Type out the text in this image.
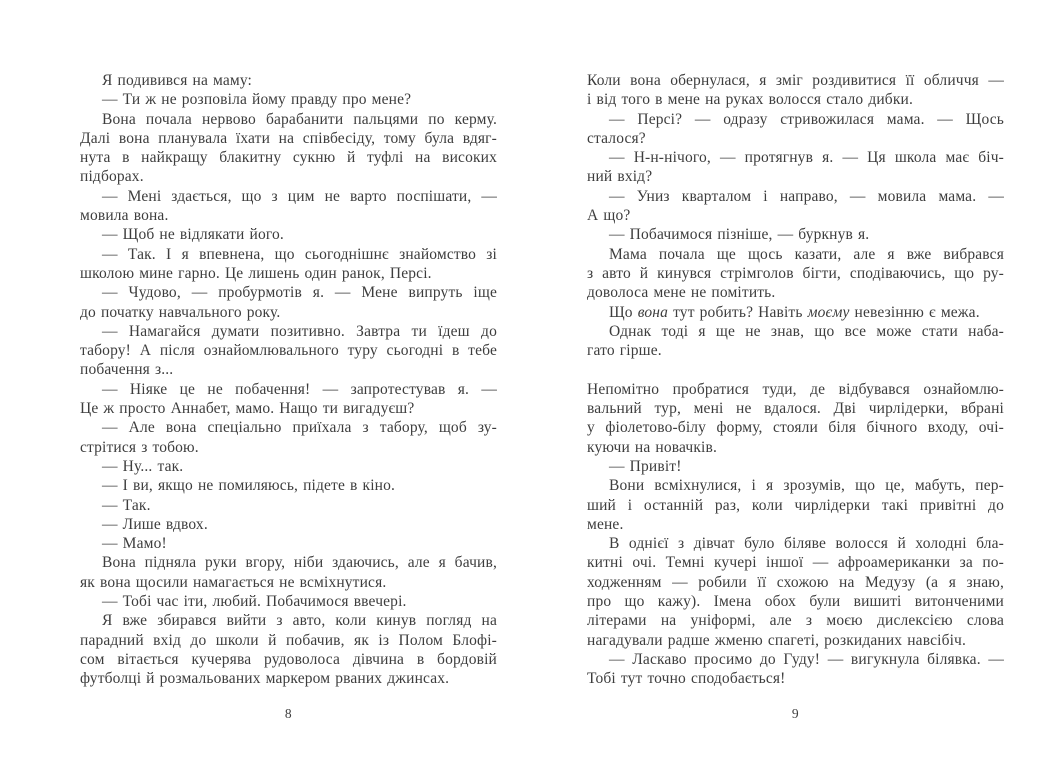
Я подивився на маму:
— Ти ж не розповіла йому правду про мене?
Вона почала нервово барабанити пальцями по керму.
Далі вона планувала їхати на співбесіду, тому була вдяг-
нута в найкращу блакитну сукню й туфлі на високих
підборах.
— Мені здається, що з цим не варто поспішати, —
мовила вона.
— Щоб не відлякати його.
— Так. І я впевнена, що сьогоднішнє знайомство зі
школою мине гарно. Це лишень один ранок, Персі.
— Чудово, — пробурмотів я. — Мене випруть іще
до початку навчального року.
— Намагайся думати позитивно. Завтра ти їдеш до
табору! А після ознайомлювального туру сьогодні в тебе
побачення з...
— Ніяке це не побачення! — запротестував я. —
Це ж просто Аннабет, мамо. Нащо ти вигадуєш?
— Але вона спеціально приїхала з табору, щоб зу-
стрітися з тобою.
— Ну... так.
— І ви, якщо не помиляюсь, підете в кіно.
— Так.
— Лише вдвох.
— Мамо!
Вона підняла руки вгору, ніби здаючись, але я бачив,
як вона щосили намагається не всміхнутися.
— Тобі час іти, любий. Побачимося ввечері.
Я вже збирався вийти з авто, коли кинув погляд на
парадний вхід до школи й побачив, як із Полом Блофі-
сом вітається кучерява рудоволоса дівчина в бордовій
футболці й розмальованих маркером рваних джинсах.
8
Коли вона обернулася, я зміг роздивитися її обличчя —
і від того в мене на руках волосся стало дибки.
— Персі? — одразу стривожилася мама. — Щось
сталося?
— Н-н-нічого, — протягнув я. — Ця школа має біч-
ний вхід?
— Униз кварталом і направо, — мовила мама. —
А що?
— Побачимося пізніше, — буркнув я.
Мама почала ще щось казати, але я вже вибрався
з авто й кинувся стрімголов бігти, сподіваючись, що ру-
доволоса мене не помітить.
Що вона тут робить? Навіть моєму невезінню є межа.
Однак тоді я ще не знав, що все може стати наба-
гато гірше.
Непомітно пробратися туди, де відбувався ознайомлю-
вальний тур, мені не вдалося. Дві чирлідерки, вбрані
у фіолетово-білу форму, стояли біля бічного входу, очі-
куючи на новачків.
— Привіт!
Вони всміхнулися, і я зрозумів, що це, мабуть, пер-
ший і останній раз, коли чирлідерки такі привітні до
мене.
В однієї з дівчат було біляве волосся й холодні бла-
китні очі. Темні кучері іншої — афроамериканки за по-
ходженням — робили її схожою на Медузу (а я знаю,
про що кажу). Імена обох були вишиті витонченими
літерами на уніформі, але з моєю дислексією слова
нагадували радше жменю спагеті, розкиданих навсібіч.
— Ласкаво просимо до Гуду! — вигукнула білявка. —
Тобі тут точно сподобається!
9
